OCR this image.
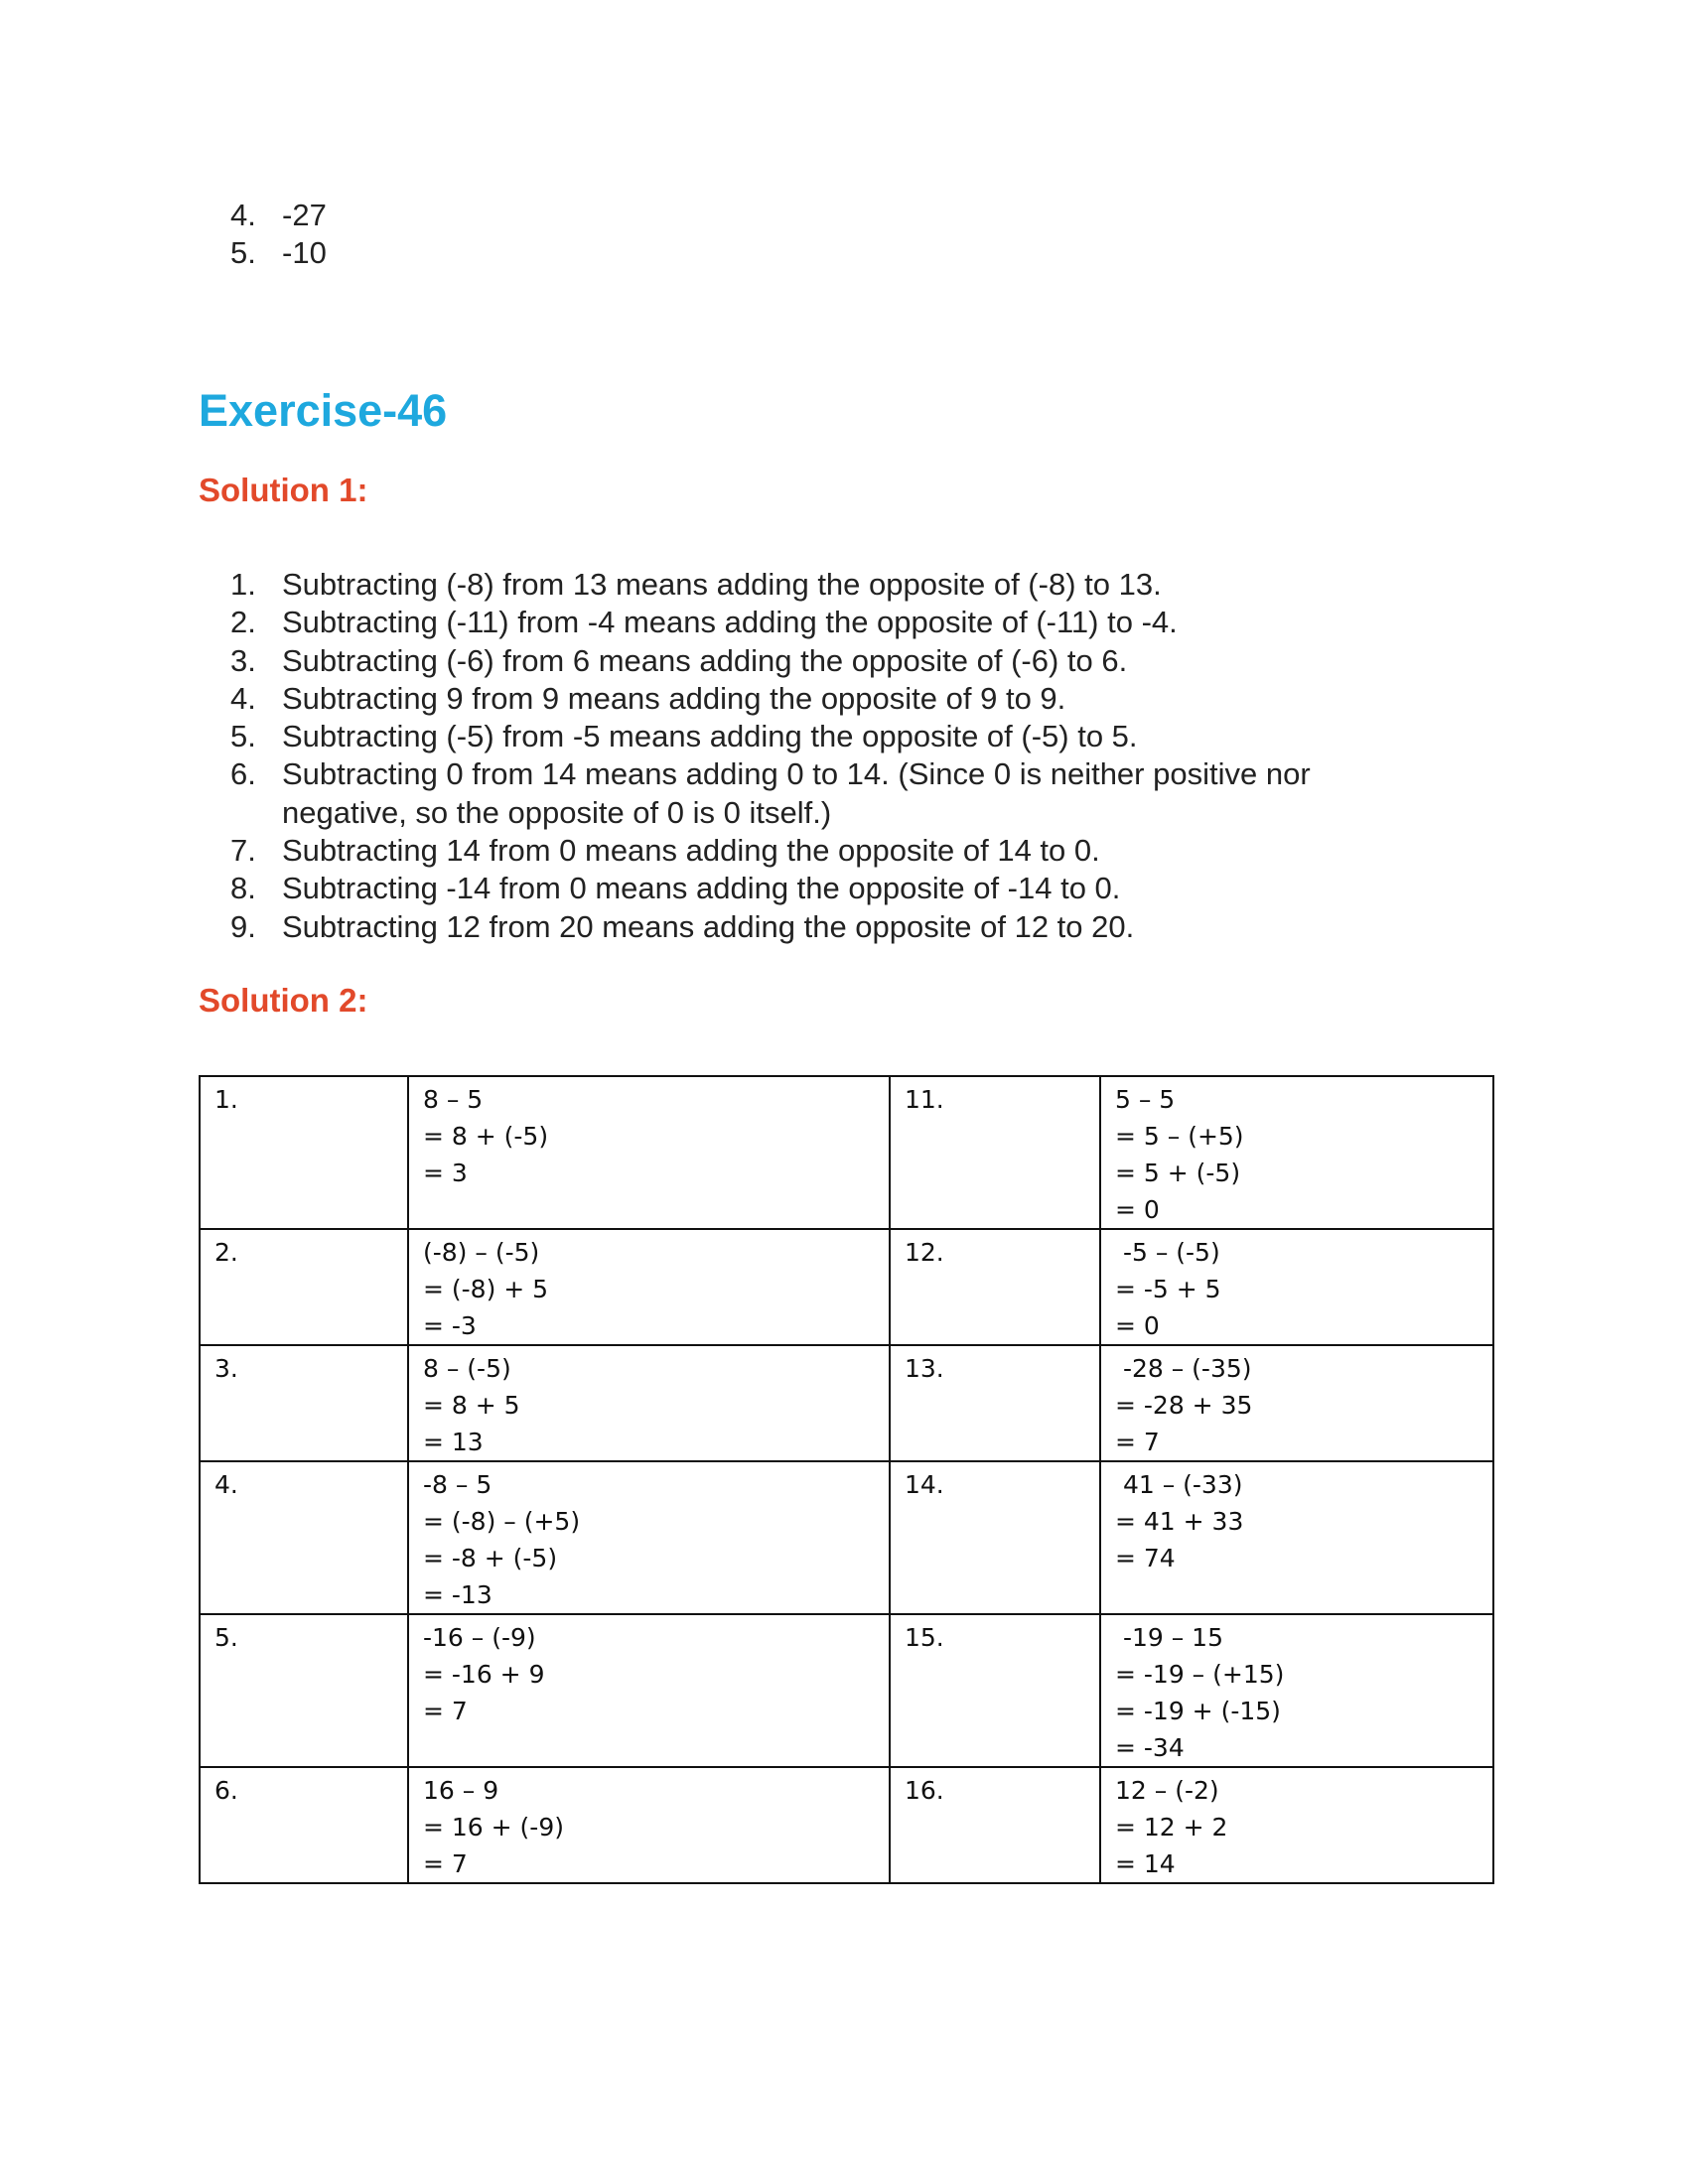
4. -27
5. -10
Exercise-46
Solution 1:
1. Subtracting (-8) from 13 means adding the opposite of (-8) to 13.
2. Subtracting (-11) from -4 means adding the opposite of (-11) to -4.
3. Subtracting (-6) from 6 means adding the opposite of (-6) to 6.
4. Subtracting 9 from 9 means adding the opposite of 9 to 9.
5. Subtracting (-5) from -5 means adding the opposite of (-5) to 5.
6. Subtracting 0 from 14 means adding 0 to 14. (Since 0 is neither positive nor negative, so the opposite of 0 is 0 itself.)
7. Subtracting 14 from 0 means adding the opposite of 14 to 0.
8. Subtracting -14 from 0 means adding the opposite of -14 to 0.
9. Subtracting 12 from 20 means adding the opposite of 12 to 20.
Solution 2:
1.	8 – 5
= 8 + (-5)
= 3	11.	5 – 5
= 5 – (+5)
= 5 + (-5)
= 0

2.	(-8) – (-5)
= (-8) + 5
= -3	12.	-5 – (-5)
= -5 + 5
= 0

3.	8 – (-5)
= 8 + 5
= 13	13.	-28 – (-35)
= -28 + 35
= 7

4.	-8 – 5
= (-8) – (+5)
= -8 + (-5)
= -13	14.	41 – (-33)
= 41 + 33
= 74

5.	-16 – (-9)
= -16 + 9
= 7	15.	-19 – 15
= -19 – (+15)
= -19 + (-15)
= -34

6.	16 – 9
= 16 + (-9)
= 7	16.	12 – (-2)
= 12 + 2
= 14
